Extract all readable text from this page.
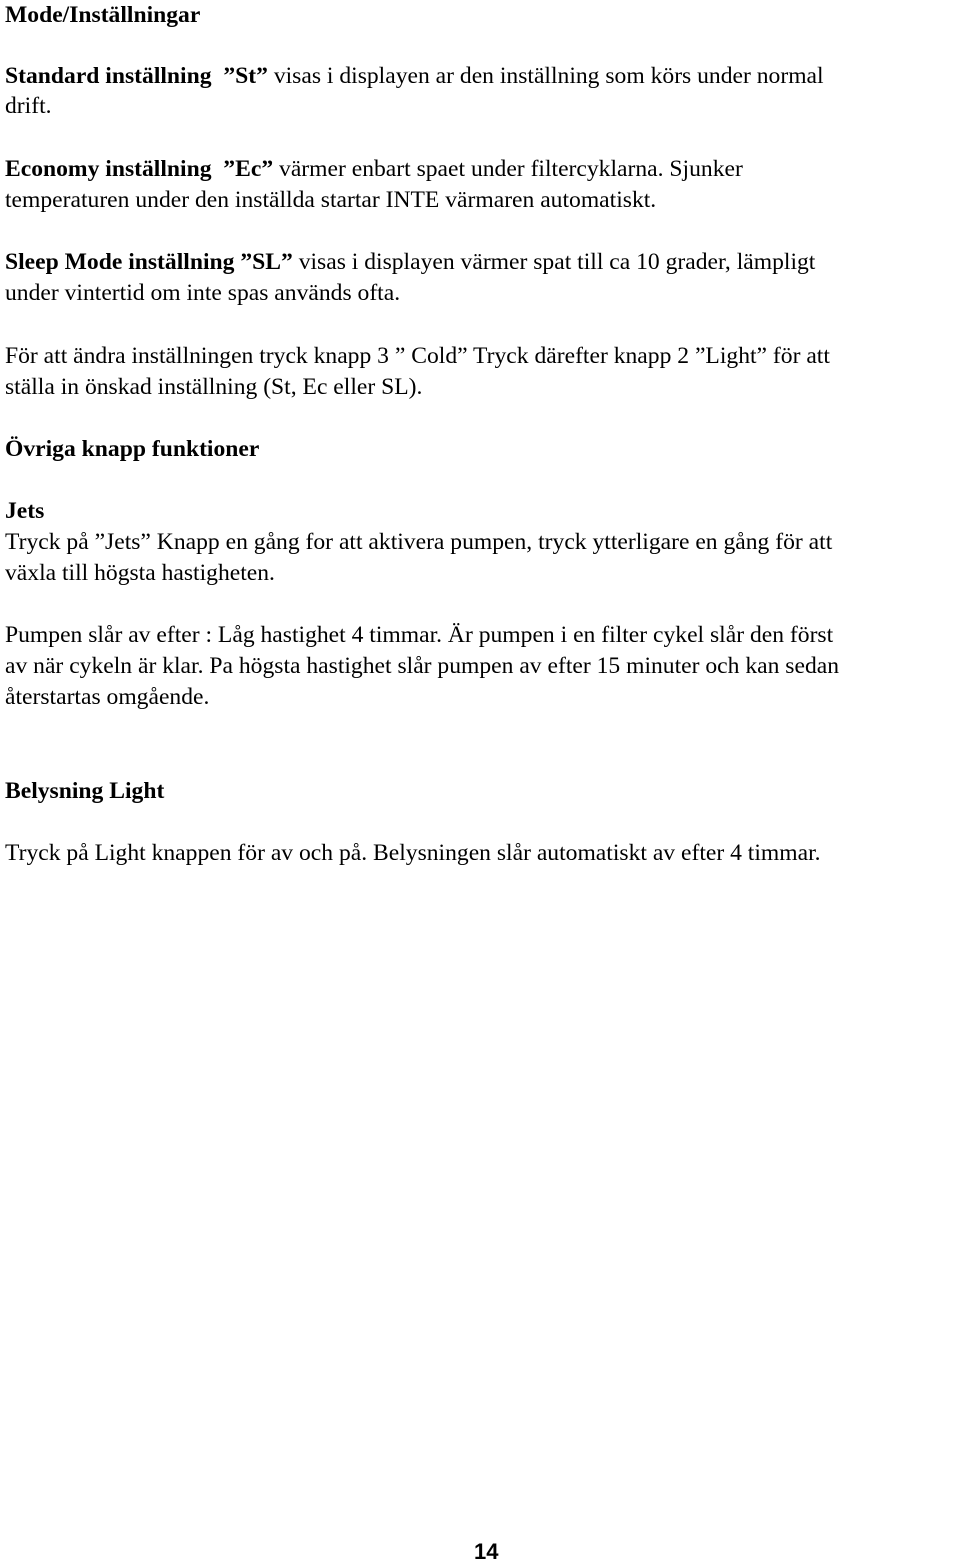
Mode/Inställningar
Standard inställning ”St” visas i displayen ar den inställning som körs under normal
drift.
Economy inställning ”Ec” värmer enbart spaet under filtercyklarna. Sjunker
temperaturen under den inställda startar INTE värmaren automatiskt.
Sleep Mode inställning ”SL” visas i displayen värmer spat till ca 10 grader, lämpligt
under vintertid om inte spas används ofta.
För att ändra inställningen tryck knapp 3 ” Cold” Tryck därefter knapp 2 ”Light” för att
ställa in önskad inställning (St, Ec eller SL).
Övriga knapp funktioner
Jets
Tryck på ”Jets” Knapp en gång for att aktivera pumpen, tryck ytterligare en gång för att
växla till högsta hastigheten.
Pumpen slår av efter : Låg hastighet 4 timmar. Är pumpen i en filter cykel slår den först
av när cykeln är klar. Pa högsta hastighet slår pumpen av efter 15 minuter och kan sedan
återstartas omgående.
Belysning Light
Tryck på Light knappen för av och på. Belysningen slår automatiskt av efter 4 timmar.
14
